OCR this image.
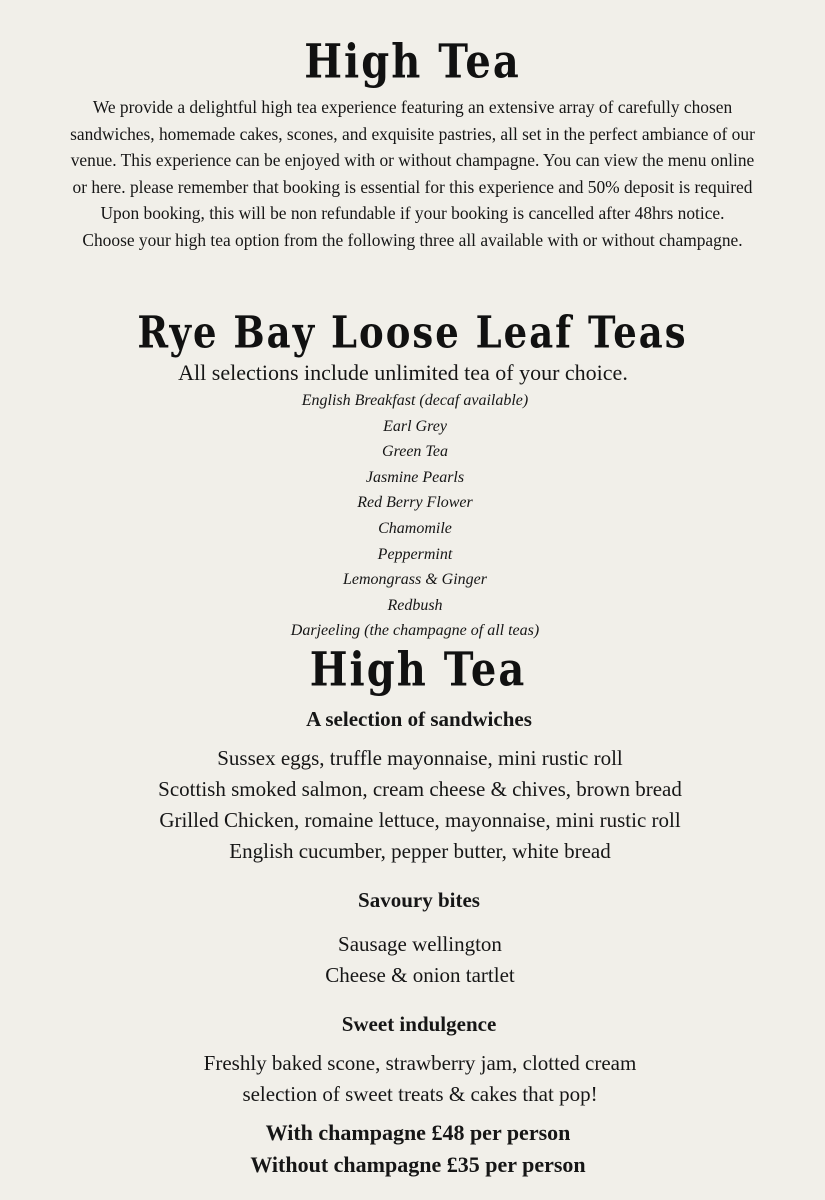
High Tea

We provide a delightful high tea experience featuring an extensive array of carefully chosen sandwiches, homemade cakes, scones, and exquisite pastries, all set in the perfect ambiance of our venue. This experience can be enjoyed with or without champagne. You can view the menu online or here. please remember that booking is essential for this experience and 50% deposit is required Upon booking, this will be non refundable if your booking is cancelled after 48hrs notice.

Choose your high tea option from the following three all available with or without champagne.

Rye Bay Loose Leaf Teas

All selections include unlimited tea of your choice.

English Breakfast (decaf available)
Earl Grey
Green Tea
Jasmine Pearls
Red Berry Flower
Chamomile
Peppermint
Lemongrass & Ginger
Redbush
Darjeeling (the champagne of all teas)
High Tea
A selection of sandwiches
Sussex eggs, truffle mayonnaise, mini rustic roll
Scottish smoked salmon, cream cheese & chives, brown bread
Grilled Chicken, romaine lettuce, mayonnaise, mini rustic roll
English cucumber, pepper butter, white bread
Savoury bites
Sausage wellington
Cheese & onion tartlet
Sweet indulgence
Freshly baked scone, strawberry jam, clotted cream
selection of sweet treats & cakes that pop!
With champagne £48 per person
Without champagne £35 per person
